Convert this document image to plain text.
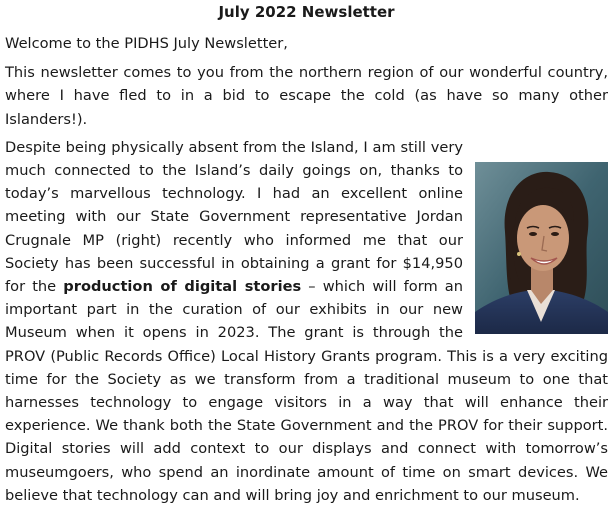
July 2022 Newsletter

Welcome to the PIDHS July Newsletter,

This newsletter comes to you from the northern region of our wonderful country, where I have fled to in a bid to escape the cold (as have so many other Islanders!).

Despite being physically absent from the Island, I am still very much connected to the Island’s daily goings on, thanks to today’s marvellous technology. I had an excellent online meeting with our State Government representative Jordan Crugnale MP (right) recently who informed me that our Society has been successful in obtaining a grant for $14,950 for the production of digital stories – which will form an important part in the curation of our exhibits in our new Museum when it opens in 2023. The grant is through the PROV (Public Records Office) Local History Grants program. This is a very exciting time for the Society as we transform from a traditional museum to one that harnesses technology to engage visitors in a way that will enhance their experience. We thank both the State Government and the PROV for their support. Digital stories will add context to our displays and connect with tomorrow’s museumgoers, who spend an inordinate amount of time on smart devices. We believe that technology can and will bring joy and enrichment to our museum.
